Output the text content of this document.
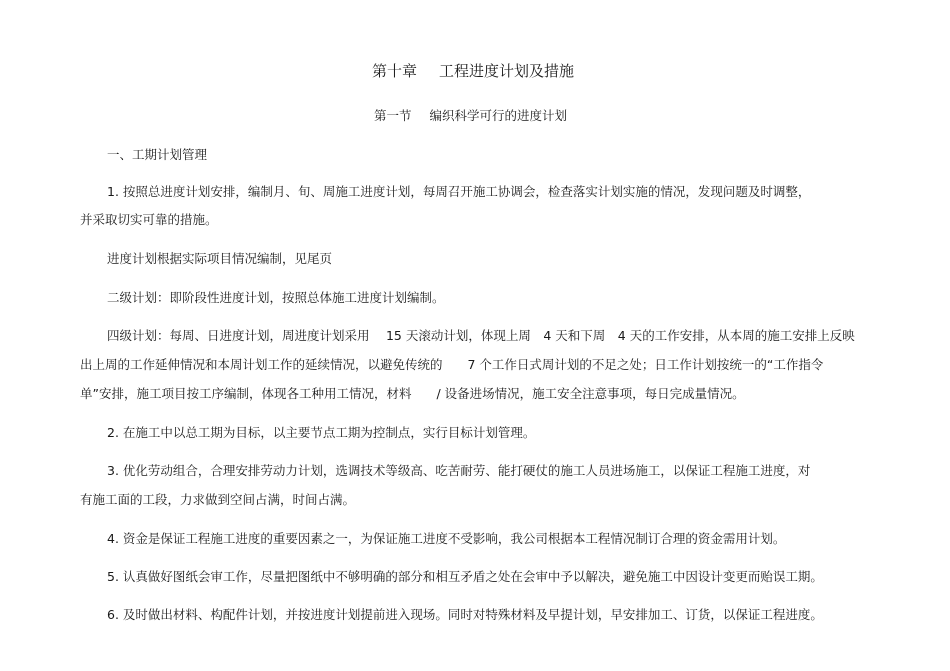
第十章 工程进度计划及措施
第一节 编织科学可行的进度计划
一、工期计划管理
1. 按照总进度计划安排，编制月、旬、周施工进度计划，每周召开施工协调会，检查落实计划实施的情况，发现问题及时调整，
并采取切实可靠的措施。
进度计划根据实际项目情况编制，见尾页
二级计划：即阶段性进度计划，按照总体施工进度计划编制。
四级计划：每周、日进度计划，周进度计划采用　 15 天滚动计划，体现上周　4 天和下周　4 天的工作安排，从本周的施工安排上反映
出上周的工作延伸情况和本周计划工作的延续情况，以避免传统的　　7 个工作日式周计划的不足之处；日工作计划按统一的“工作指令
单”安排，施工项目按工序编制，体现各工种用工情况，材料　　/ 设备进场情况，施工安全注意事项，每日完成量情况。
2. 在施工中以总工期为目标，以主要节点工期为控制点，实行目标计划管理。
3. 优化劳动组合，合理安排劳动力计划，选调技术等级高、吃苦耐劳、能打硬仗的施工人员进场施工，以保证工程施工进度，对
有施工面的工段，力求做到空间占满，时间占满。
4. 资金是保证工程施工进度的重要因素之一，为保证施工进度不受影响，我公司根据本工程情况制订合理的资金需用计划。
5. 认真做好图纸会审工作，尽量把图纸中不够明确的部分和相互矛盾之处在会审中予以解决，避免施工中因设计变更而贻误工期。
6. 及时做出材料、构配件计划，并按进度计划提前进入现场。同时对特殊材料及早提计划，早安排加工、订货，以保证工程进度。
